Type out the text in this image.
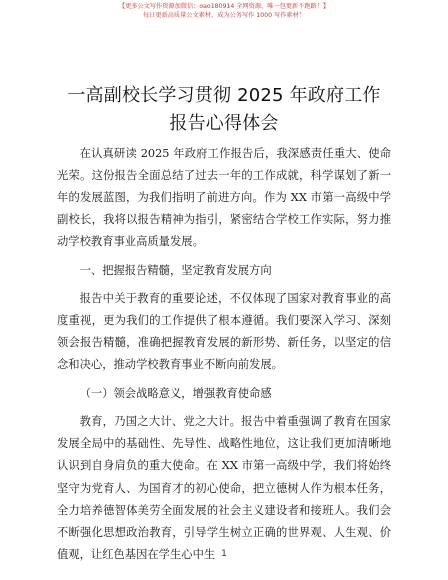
【更多公文写作资源加微信：oao180914 全网资源、唯一包更新不跑路！】
每日更新高质量公文素材，成为公务写作 1000 写作素材！
一高副校长学习贯彻 2025 年政府工作报告心得体会

在认真研读 2025 年政府工作报告后，我深感责任重大、使命光荣。这份报告全面总结了过去一年的工作成就，科学谋划了新一年的发展蓝图，为我们指明了前进方向。作为 XX 市第一高级中学副校长，我将以报告精神为指引，紧密结合学校工作实际，努力推动学校教育事业高质量发展。

一、把握报告精髓，坚定教育发展方向

报告中关于教育的重要论述，不仅体现了国家对教育事业的高度重视，更为我们的工作提供了根本遵循。我们要深入学习、深刻领会报告精髓，准确把握教育发展的新形势、新任务，以坚定的信念和决心，推动学校教育事业不断向前发展。

（一）领会战略意义，增强教育使命感

教育，乃国之大计、党之大计。报告中着重强调了教育在国家发展全局中的基础性、先导性、战略性地位，这让我们更加清晰地认识到自身肩负的重大使命。在 XX 市第一高级中学，我们将始终坚守为党育人、为国育才的初心使命，把立德树人作为根本任务，全力培养德智体美劳全面发展的社会主义建设者和接班人。我们会不断强化思想政治教育，引导学生树立正确的世界观、人生观、价值观，让红色基因在学生心中生 1
